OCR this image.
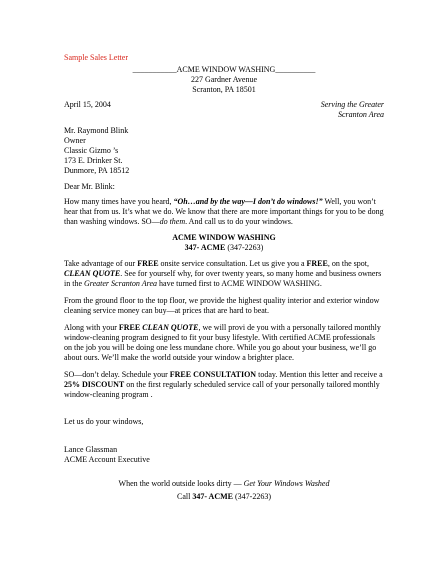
Sample Sales Letter
___________ACME WINDOW WASHING__________
227 Gardner Avenue
Scranton, PA 18501
April 15, 2004	Serving the Greater
Scranton Area
Mr. Raymond Blink
Owner
Classic Gizmo ’s
173 E. Drinker St.
Dunmore, PA 18512
Dear Mr. Blink:
How many times have you heard, “Oh…and by the way—I don’t do windows!” Well, you won’t hear that from us. It’s what we do. We know that there are more important things for you to be dong than washing windows. SO—do them. And call us to do your windows.
ACME WINDOW WASHING
347- ACME (347-2263)
Take advantage of our FREE onsite service consultation. Let us give you a FREE, on the spot, CLEAN QUOTE. See for yourself why, for over twenty years, so many home and business owners in the Greater Scranton Area have turned first to ACME WINDOW WASHING.
From the ground floor to the top floor, we provide the highest quality interior and exterior window cleaning service money can buy—at prices that are hard to beat.
Along with your FREE CLEAN QUOTE, we will provi de you with a personally tailored monthly window-cleaning program designed to fit your busy lifestyle. With certified ACME professionals on the job you will be doing one less mundane chore. While you go about your business, we’ll go about ours. We’ll make the world outside your window a brighter place.
SO—don’t delay. Schedule your FREE CONSULTATION today. Mention this letter and receive a 25% DISCOUNT on the first regularly scheduled service call of your personally tailored monthly window-cleaning program .
Let us do your windows,
Lance Glassman
ACME Account Executive
When the world outside looks dirty — Get Your Windows Washed
Call 347- ACME (347-2263)
